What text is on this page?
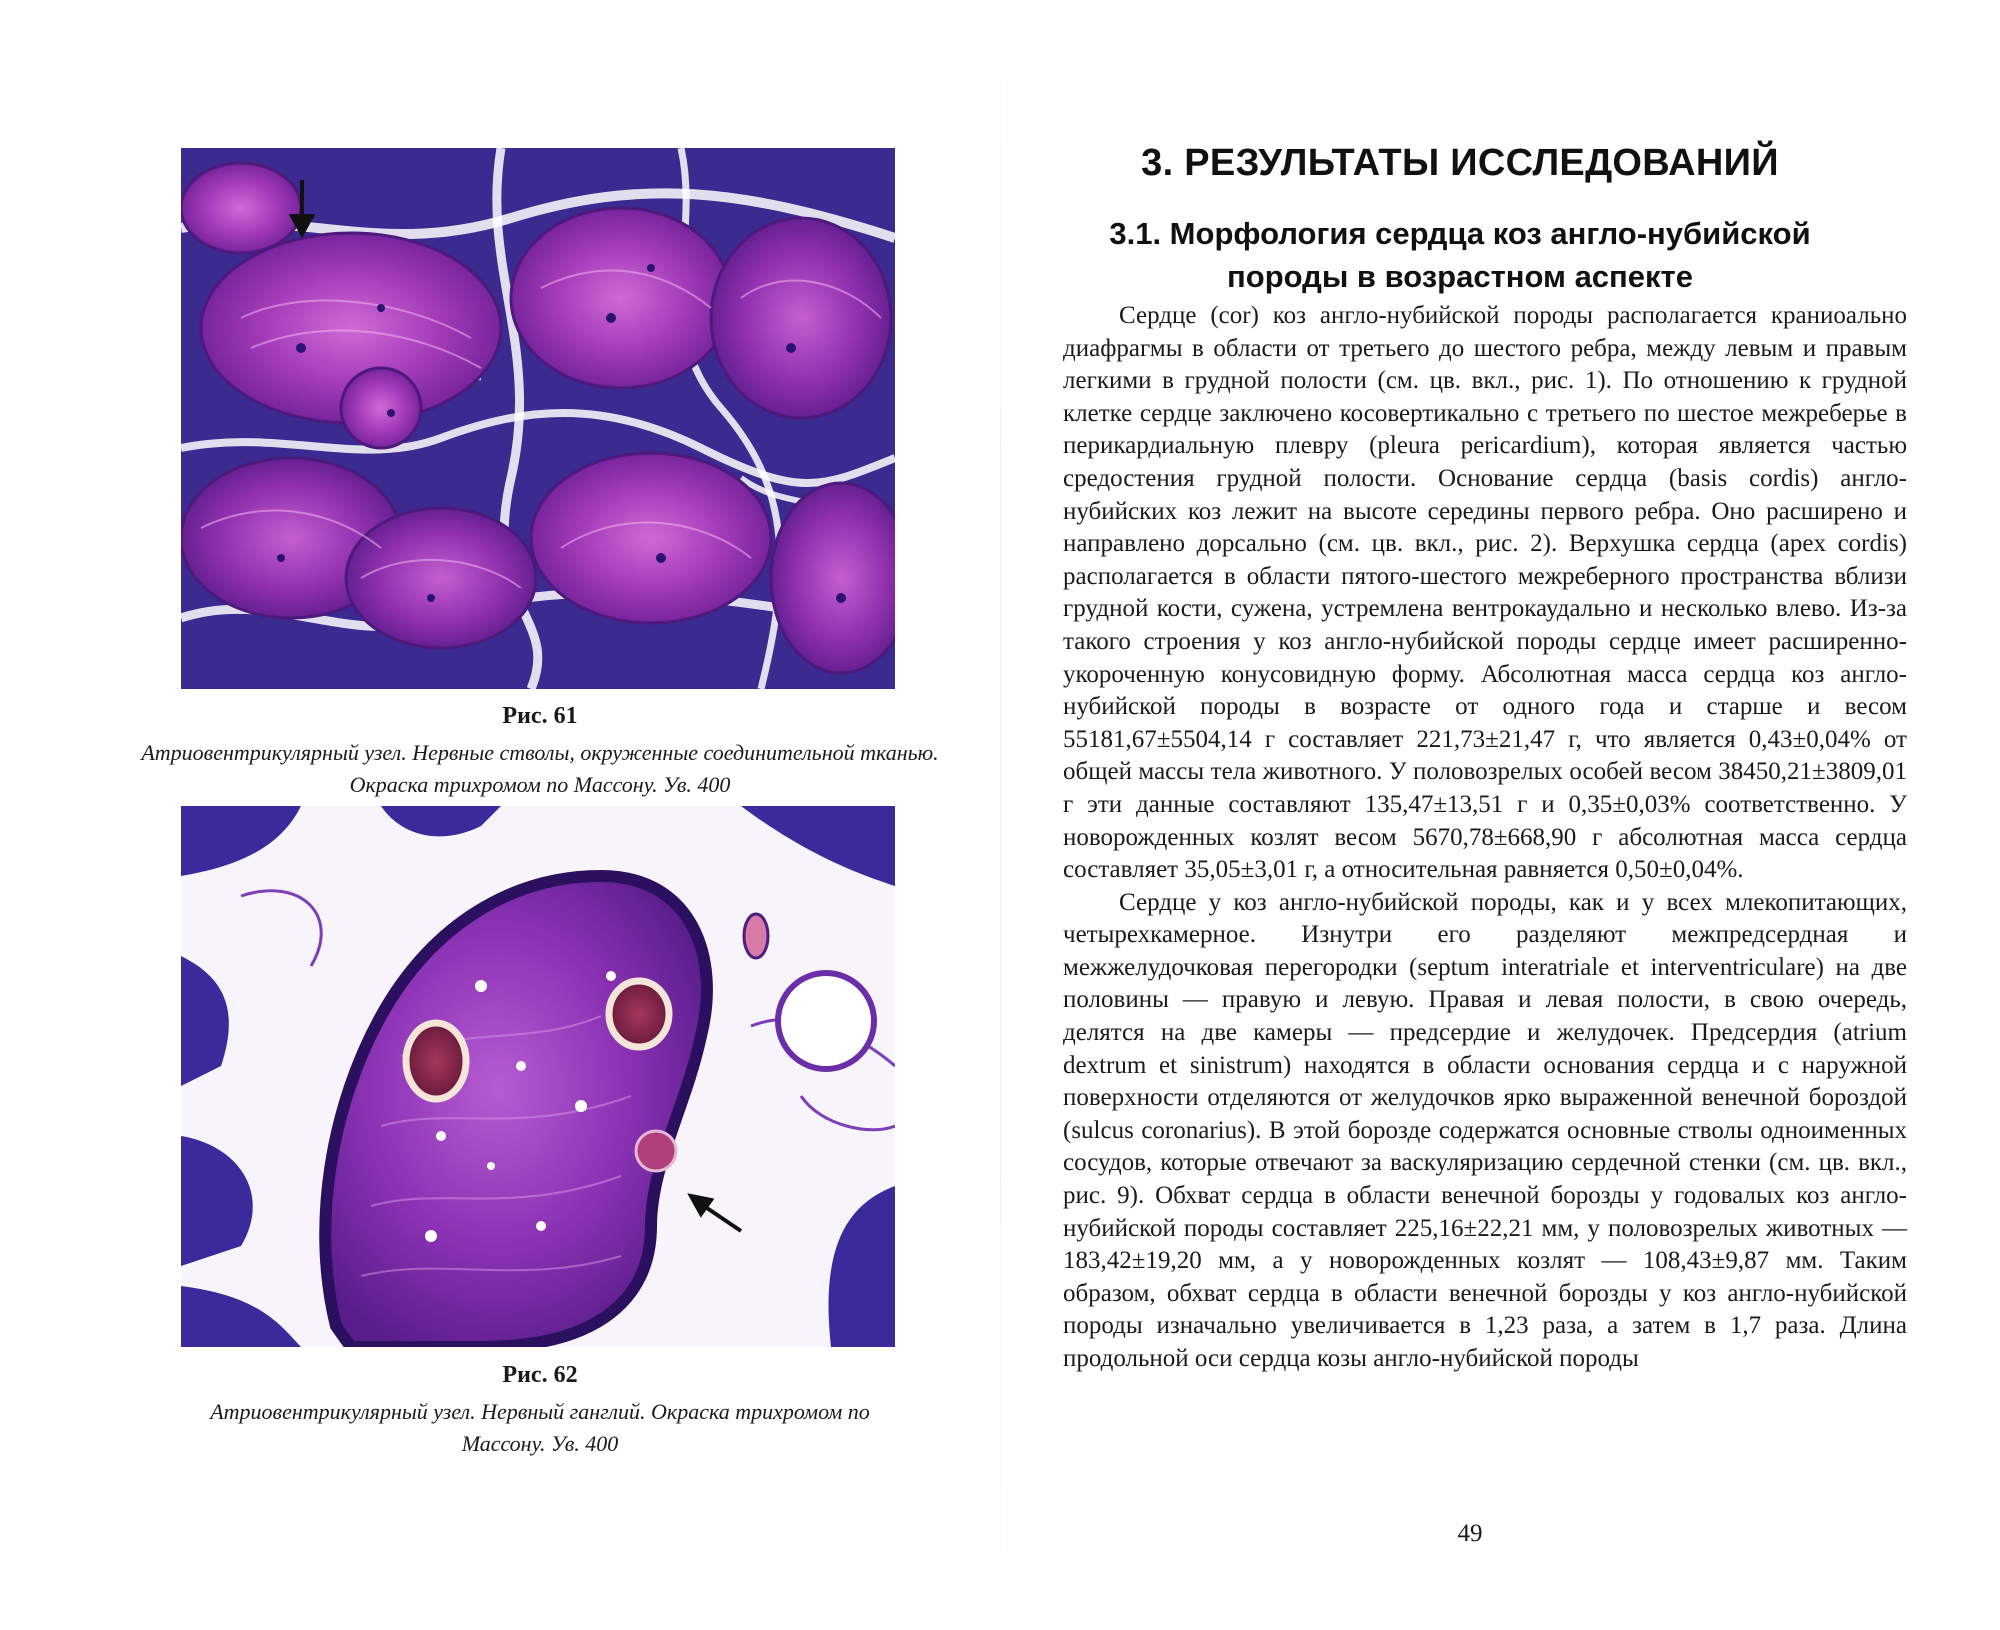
Рис. 61
Атриовентрикулярный узел. Нервные стволы, окруженные соединительной тканью. Окраска трихромом по Массону. Ув. 400
Рис. 62
Атриовентрикулярный узел. Нервный ганглий. Окраска трихромом по Массону. Ув. 400
3. РЕЗУЛЬТАТЫ ИССЛЕДОВАНИЙ
3.1. Морфология сердца коз англо-нубийской породы в возрастном аспекте

Сердце (cor) коз англо-нубийской породы располагается краниоально диафрагмы в области от третьего до шестого ребра, между левым и правым легкими в грудной полости (см. цв. вкл., рис. 1). По отношению к грудной клетке сердце заключено косовертикально с третьего по шестое межреберье в перикардиальную плевру (pleura pericardium), которая является частью средостения грудной полости. Основание сердца (basis cordis) англо-нубийских коз лежит на высоте середины первого ребра. Оно расширено и направлено дорсально (см. цв. вкл., рис. 2). Верхушка сердца (apex cordis) располагается в области пятого-шестого межреберного пространства вблизи грудной кости, сужена, устремлена вентрокаудально и несколько влево. Из-за такого строения у коз англо-нубийской породы сердце имеет расширенно-укороченную конусовидную форму. Абсолютная масса сердца коз англо-нубийской породы в возрасте от одного года и старше и весом 55181,67±5504,14 г составляет 221,73±21,47 г, что является 0,43±0,04% от общей массы тела животного. У половозрелых особей весом 38450,21±3809,01 г эти данные составляют 135,47±13,51 г и 0,35±0,03% соответственно. У новорожденных козлят весом 5670,78±668,90 г абсолютная масса сердца составляет 35,05±3,01 г, а относительная равняется 0,50±0,04%.

Сердце у коз англо-нубийской породы, как и у всех млекопитающих, четырехкамерное. Изнутри его разделяют межпредсердная и межжелудочковая перегородки (septum interatriale et interventriculare) на две половины — правую и левую. Правая и левая полости, в свою очередь, делятся на две камеры — предсердие и желудочек. Предсердия (atrium dextrum et sinistrum) находятся в области основания сердца и с наружной поверхности отделяются от желудочков ярко выраженной венечной бороздой (sulcus coronarius). В этой борозде содержатся основные стволы одноименных сосудов, которые отвечают за васкуляризацию сердечной стенки (см. цв. вкл., рис. 9). Обхват сердца в области венечной борозды у годовалых коз англо-нубийской породы составляет 225,16±22,21 мм, у половозрелых животных — 183,42±19,20 мм, а у новорожденных козлят — 108,43±9,87 мм. Таким образом, обхват сердца в области венечной борозды у коз англо-нубийской породы изначально увеличивается в 1,23 раза, а затем в 1,7 раза. Длина продольной оси сердца козы англо-нубийской породы

49
